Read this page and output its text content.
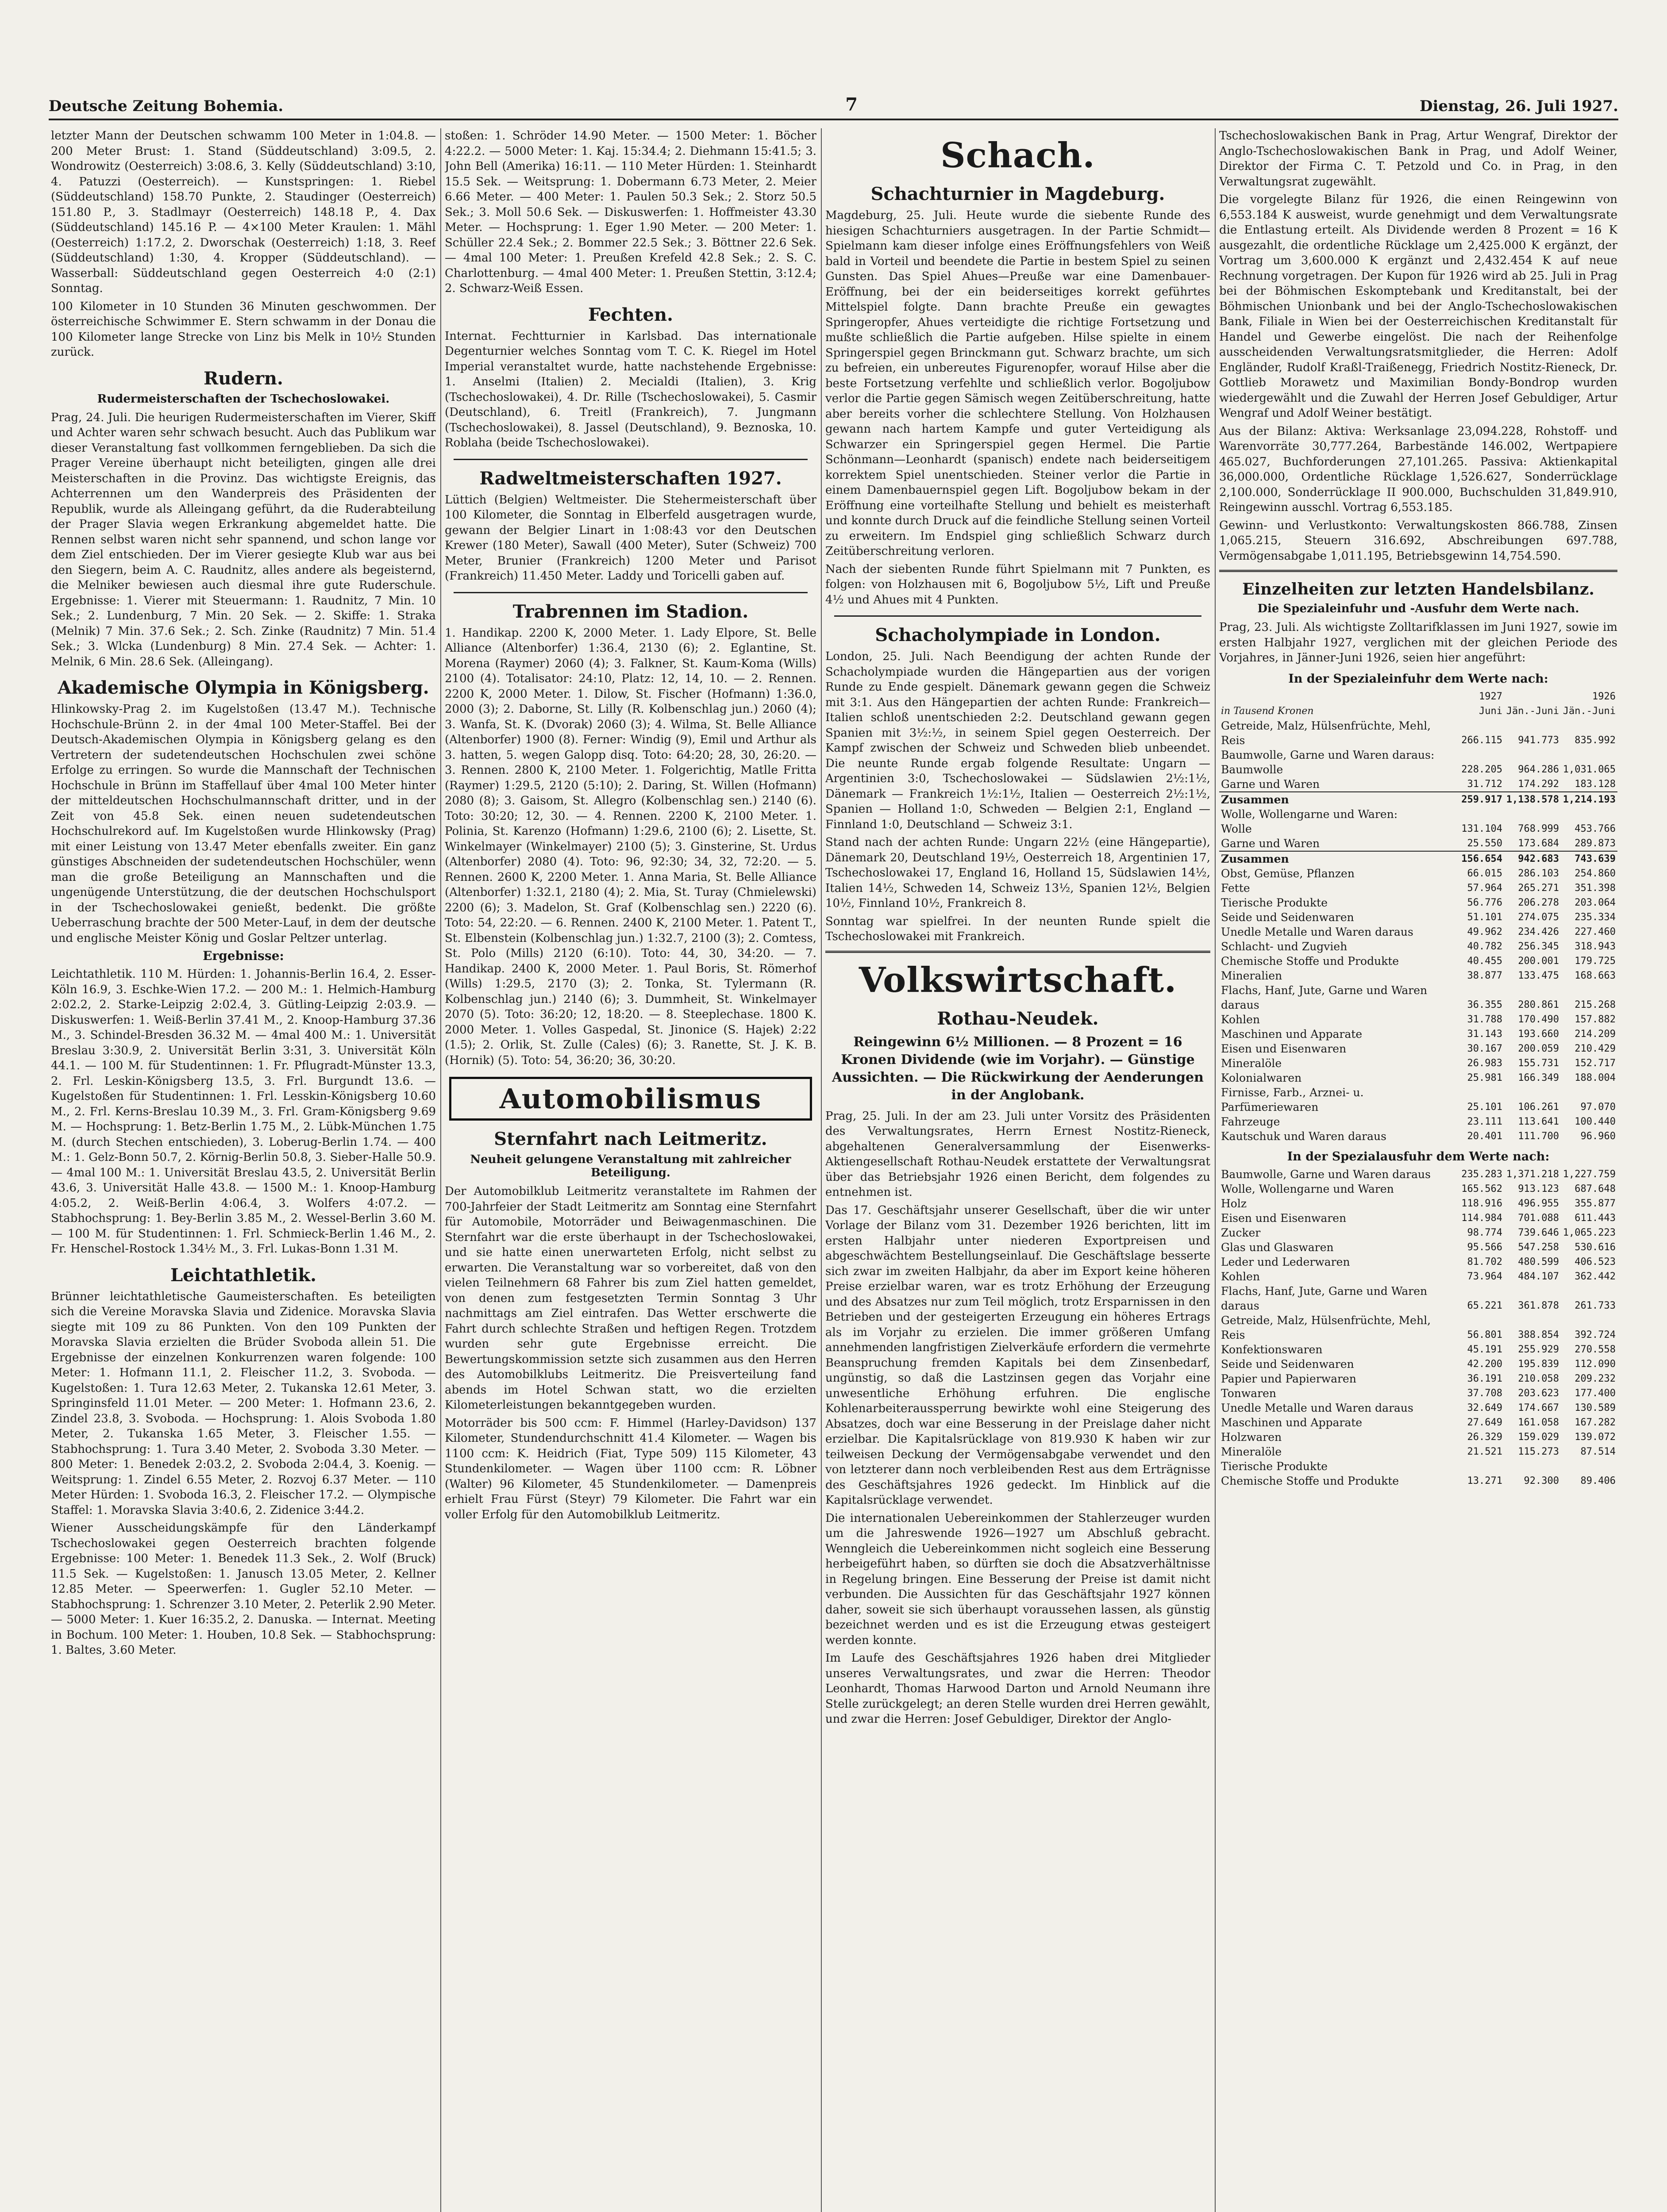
Deutsche Zeitung Bohemia.	7	Dienstag, 26. Juli 1927.

letzter Mann der Deutschen schwamm 100 Meter in 1:04.8. — 200 Meter Brust: 1. Stand (Süddeutschland) 3:09.5, 2. Wondrowitz (Oesterreich) 3:08.6, 3. Kelly (Süddeutschland) 3:10, 4. Patuzzi (Oesterreich). — Kunstspringen: 1. Riebel (Süddeutschland) 158.70 Punkte, 2. Staudinger (Oesterreich) 151.80 P., 3. Stadlmayr (Oesterreich) 148.18 P., 4. Dax (Süddeutschland) 145.16 P. — 4×100 Meter Kraulen: 1. Mähl (Oesterreich) 1:17.2, 2. Dworschak (Oesterreich) 1:18, 3. Reef (Süddeutschland) 1:30, 4. Kropper (Süddeutschland). — Wasserball: Süddeutschland gegen Oesterreich 4:0 (2:1) Sonntag.

100 Kilometer in 10 Stunden 36 Minuten geschwommen. Der österreichische Schwimmer E. Stern schwamm in der Donau die 100 Kilometer lange Strecke von Linz bis Melk in 10½ Stunden zurück.

Rudern.
Rudermeisterschaften der Tschechoslowakei.

Prag, 24. Juli. Die heurigen Rudermeisterschaften im Vierer, Skiff und Achter waren sehr schwach besucht. Auch das Publikum war dieser Veranstaltung fast vollkommen ferngeblieben. Da sich die Prager Vereine überhaupt nicht beteiligten, gingen alle drei Meisterschaften in die Provinz. Das wichtigste Ereignis, das Achterrennen um den Wanderpreis des Präsidenten der Republik, wurde als Alleingang geführt, da die Ruderabteilung der Prager Slavia wegen Erkrankung abgemeldet hatte. Die Rennen selbst waren nicht sehr spannend, und schon lange vor dem Ziel entschieden. Der im Vierer gesiegte Klub war aus bei den Siegern, beim A. C. Raudnitz, alles andere als begeisternd, die Melniker bewiesen auch diesmal ihre gute Ruderschule. Ergebnisse: 1. Vierer mit Steuermann: 1. Raudnitz, 7 Min. 10 Sek.; 2. Lundenburg, 7 Min. 20 Sek. — 2. Skiffe: 1. Straka (Melnik) 7 Min. 37.6 Sek.; 2. Sch. Zinke (Raudnitz) 7 Min. 51.4 Sek.; 3. Wlcka (Lundenburg) 8 Min. 27.4 Sek. — Achter: 1. Melnik, 6 Min. 28.6 Sek. (Alleingang).

Akademische Olympia in Königsberg.

Hlinkowsky-Prag 2. im Kugelstoßen (13.47 M.). Technische Hochschule-Brünn 2. in der 4mal 100 Meter-Staffel. Bei der Deutsch-Akademischen Olympia in Königsberg gelang es den Vertretern der sudetendeutschen Hochschulen zwei schöne Erfolge zu erringen. So wurde die Mannschaft der Technischen Hochschule in Brünn im Staffellauf über 4mal 100 Meter hinter der mitteldeutschen Hochschulmannschaft dritter, und in der Zeit von 45.8 Sek. einen neuen sudetendeutschen Hochschulrekord auf. Im Kugelstoßen wurde Hlinkowsky (Prag) mit einer Leistung von 13.47 Meter ebenfalls zweiter. Ein ganz günstiges Abschneiden der sudetendeutschen Hochschüler, wenn man die große Beteiligung an Mannschaften und die ungenügende Unterstützung, die der deutschen Hochschulsport in der Tschechoslowakei genießt, bedenkt. Die größte Ueberraschung brachte der 500 Meter-Lauf, in dem der deutsche und englische Meister König und Goslar Peltzer unterlag.

Ergebnisse:

Leichtathletik. 110 M. Hürden: 1. Johannis-Berlin 16.4, 2. Esser-Köln 16.9, 3. Eschke-Wien 17.2. — 200 M.: 1. Helmich-Hamburg 2:02.2, 2. Starke-Leipzig 2:02.4, 3. Gütling-Leipzig 2:03.9. — Diskuswerfen: 1. Weiß-Berlin 37.41 M., 2. Knoop-Hamburg 37.36 M., 3. Schindel-Bresden 36.32 M. — 4mal 400 M.: 1. Universität Breslau 3:30.9, 2. Universität Berlin 3:31, 3. Universität Köln 44.1. — 100 M. für Studentinnen: 1. Fr. Pflugradt-Münster 13.3, 2. Frl. Leskin-Königsberg 13.5, 3. Frl. Burgundt 13.6. — Kugelstoßen für Studentinnen: 1. Frl. Lesskin-Königsberg 10.60 M., 2. Frl. Kerns-Breslau 10.39 M., 3. Frl. Gram-Königsberg 9.69 M. — Hochsprung: 1. Betz-Berlin 1.75 M., 2. Lübk-München 1.75 M. (durch Stechen entschieden), 3. Loberug-Berlin 1.74. — 400 M.: 1. Gelz-Bonn 50.7, 2. Körnig-Berlin 50.8, 3. Sieber-Halle 50.9. — 4mal 100 M.: 1. Universität Breslau 43.5, 2. Universität Berlin 43.6, 3. Universität Halle 43.8. — 1500 M.: 1. Knoop-Hamburg 4:05.2, 2. Weiß-Berlin 4:06.4, 3. Wolfers 4:07.2. — Stabhochsprung: 1. Bey-Berlin 3.85 M., 2. Wessel-Berlin 3.60 M. — 100 M. für Studentinnen: 1. Frl. Schmieck-Berlin 1.46 M., 2. Fr. Henschel-Rostock 1.34½ M., 3. Frl. Lukas-Bonn 1.31 M.

Leichtathletik.

Brünner leichtathletische Gaumeisterschaften. Es beteiligten sich die Vereine Moravska Slavia und Zidenice. Moravska Slavia siegte mit 109 zu 86 Punkten. Von den 109 Punkten der Moravska Slavia erzielten die Brüder Svoboda allein 51. Die Ergebnisse der einzelnen Konkurrenzen waren folgende: 100 Meter: 1. Hofmann 11.1, 2. Fleischer 11.2, 3. Svoboda. — Kugelstoßen: 1. Tura 12.63 Meter, 2. Tukanska 12.61 Meter, 3. Springinsfeld 11.01 Meter. — 200 Meter: 1. Hofmann 23.6, 2. Zindel 23.8, 3. Svoboda. — Hochsprung: 1. Alois Svoboda 1.80 Meter, 2. Tukanska 1.65 Meter, 3. Fleischer 1.55. — Stabhochsprung: 1. Tura 3.40 Meter, 2. Svoboda 3.30 Meter. — 800 Meter: 1. Benedek 2:03.2, 2. Svoboda 2:04.4, 3. Koenig. — Weitsprung: 1. Zindel 6.55 Meter, 2. Rozvoj 6.37 Meter. — 110 Meter Hürden: 1. Svoboda 16.3, 2. Fleischer 17.2. — Olympische Staffel: 1. Moravska Slavia 3:40.6, 2. Zidenice 3:44.2.

Wiener Ausscheidungskämpfe für den Länderkampf Tschechoslowakei gegen Oesterreich brachten folgende Ergebnisse: 100 Meter: 1. Benedek 11.3 Sek., 2. Wolf (Bruck) 11.5 Sek. — Kugelstoßen: 1. Janusch 13.05 Meter, 2. Kellner 12.85 Meter. — Speerwerfen: 1. Gugler 52.10 Meter. — Stabhochsprung: 1. Schrenzer 3.10 Meter, 2. Peterlik 2.90 Meter. — 5000 Meter: 1. Kuer 16:35.2, 2. Danuska. — Internat. Meeting in Bochum. 100 Meter: 1. Houben, 10.8 Sek. — Stabhochsprung: 1. Baltes, 3.60 Meter.

stoßen: 1. Schröder 14.90 Meter. — 1500 Meter: 1. Böcher 4:22.2. — 5000 Meter: 1. Kaj. 15:34.4; 2. Diehmann 15:41.5; 3. John Bell (Amerika) 16:11. — 110 Meter Hürden: 1. Steinhardt 15.5 Sek. — Weitsprung: 1. Dobermann 6.73 Meter, 2. Meier 6.66 Meter. — 400 Meter: 1. Paulen 50.3 Sek.; 2. Storz 50.5 Sek.; 3. Moll 50.6 Sek. — Diskuswerfen: 1. Hoffmeister 43.30 Meter. — Hochsprung: 1. Eger 1.90 Meter. — 200 Meter: 1. Schüller 22.4 Sek.; 2. Bommer 22.5 Sek.; 3. Böttner 22.6 Sek. — 4mal 100 Meter: 1. Preußen Krefeld 42.8 Sek.; 2. S. C. Charlottenburg. — 4mal 400 Meter: 1. Preußen Stettin, 3:12.4; 2. Schwarz-Weiß Essen.

Fechten.

Internat. Fechtturnier in Karlsbad. Das internationale Degenturnier welches Sonntag vom T. C. K. Riegel im Hotel Imperial veranstaltet wurde, hatte nachstehende Ergebnisse: 1. Anselmi (Italien) 2. Mecialdi (Italien), 3. Krig (Tschechoslowakei), 4. Dr. Rille (Tschechoslowakei), 5. Casmir (Deutschland), 6. Treitl (Frankreich), 7. Jungmann (Tschechoslowakei), 8. Jassel (Deutschland), 9. Beznoska, 10. Roblaha (beide Tschechoslowakei).

Radweltmeisterschaften 1927.

Lüttich (Belgien) Weltmeister. Die Stehermeisterschaft über 100 Kilometer, die Sonntag in Elberfeld ausgetragen wurde, gewann der Belgier Linart in 1:08:43 vor den Deutschen Krewer (180 Meter), Sawall (400 Meter), Suter (Schweiz) 700 Meter, Brunier (Frankreich) 1200 Meter und Parisot (Frankreich) 11.450 Meter. Laddy und Toricelli gaben auf.

Trabrennen im Stadion.

1. Handikap. 2200 K, 2000 Meter. 1. Lady Elpore, St. Belle Alliance (Altenborfer) 1:36.4, 2130 (6); 2. Eglantine, St. Morena (Raymer) 2060 (4); 3. Falkner, St. Kaum-Koma (Wills) 2100 (4). Totalisator: 24:10, Platz: 12, 14, 10. — 2. Rennen. 2200 K, 2000 Meter. 1. Dilow, St. Fischer (Hofmann) 1:36.0, 2000 (3); 2. Daborne, St. Lilly (R. Kolbenschlag jun.) 2060 (4); 3. Wanfa, St. K. (Dvorak) 2060 (3); 4. Wilma, St. Belle Alliance (Altenborfer) 1900 (8). Ferner: Windig (9), Emil und Arthur als 3. hatten, 5. wegen Galopp disq. Toto: 64:20; 28, 30, 26:20. — 3. Rennen. 2800 K, 2100 Meter. 1. Folgerichtig, Matlle Fritta (Raymer) 1:29.5, 2120 (5:10); 2. Daring, St. Willen (Hofmann) 2080 (8); 3. Gaisom, St. Allegro (Kolbenschlag sen.) 2140 (6). Toto: 30:20; 12, 30. — 4. Rennen. 2200 K, 2100 Meter. 1. Polinia, St. Karenzo (Hofmann) 1:29.6, 2100 (6); 2. Lisette, St. Winkelmayer (Winkelmayer) 2100 (5); 3. Ginsterine, St. Urdus (Altenborfer) 2080 (4). Toto: 96, 92:30; 34, 32, 72:20. — 5. Rennen. 2600 K, 2200 Meter. 1. Anna Maria, St. Belle Alliance (Altenborfer) 1:32.1, 2180 (4); 2. Mia, St. Turay (Chmielewski) 2200 (6); 3. Madelon, St. Graf (Kolbenschlag sen.) 2220 (6). Toto: 54, 22:20. — 6. Rennen. 2400 K, 2100 Meter. 1. Patent T., St. Elbenstein (Kolbenschlag jun.) 1:32.7, 2100 (3); 2. Comtess, St. Polo (Mills) 2120 (6:10). Toto: 44, 30, 34:20. — 7. Handikap. 2400 K, 2000 Meter. 1. Paul Boris, St. Römerhof (Wills) 1:29.5, 2170 (3); 2. Tonka, St. Tylermann (R. Kolbenschlag jun.) 2140 (6); 3. Dummheit, St. Winkelmayer 2070 (5). Toto: 36:20; 12, 18:20. — 8. Steeplechase. 1800 K. 2000 Meter. 1. Volles Gaspedal, St. Jinonice (S. Hajek) 2:22 (1.5); 2. Orlik, St. Zulle (Cales) (6); 3. Ranette, St. J. K. B. (Hornik) (5). Toto: 54, 36:20; 36, 30:20.

Automobilismus
Sternfahrt nach Leitmeritz.
Neuheit gelungene Veranstaltung mit zahlreicher Beteiligung.

Der Automobilklub Leitmeritz veranstaltete im Rahmen der 700-Jahrfeier der Stadt Leitmeritz am Sonntag eine Sternfahrt für Automobile, Motorräder und Beiwagenmaschinen. Die Sternfahrt war die erste überhaupt in der Tschechoslowakei, und sie hatte einen unerwarteten Erfolg, nicht selbst zu erwarten. Die Veranstaltung war so vorbereitet, daß von den vielen Teilnehmern 68 Fahrer bis zum Ziel hatten gemeldet, von denen zum festgesetzten Termin Sonntag 3 Uhr nachmittags am Ziel eintrafen. Das Wetter erschwerte die Fahrt durch schlechte Straßen und heftigen Regen. Trotzdem wurden sehr gute Ergebnisse erreicht. Die Bewertungskommission setzte sich zusammen aus den Herren des Automobilklubs Leitmeritz. Die Preisverteilung fand abends im Hotel Schwan statt, wo die erzielten Kilometerleistungen bekanntgegeben wurden.

Motorräder bis 500 ccm: F. Himmel (Harley-Davidson) 137 Kilometer, Stundendurchschnitt 41.4 Kilometer. — Wagen bis 1100 ccm: K. Heidrich (Fiat, Type 509) 115 Kilometer, 43 Stundenkilometer. — Wagen über 1100 ccm: R. Löbner (Walter) 96 Kilometer, 45 Stundenkilometer. — Damenpreis erhielt Frau Fürst (Steyr) 79 Kilometer. Die Fahrt war ein voller Erfolg für den Automobilklub Leitmeritz.

Schach.
Schachturnier in Magdeburg.

Magdeburg, 25. Juli. Heute wurde die siebente Runde des hiesigen Schachturniers ausgetragen. In der Partie Schmidt—Spielmann kam dieser infolge eines Eröffnungsfehlers von Weiß bald in Vorteil und beendete die Partie in bestem Spiel zu seinen Gunsten. Das Spiel Ahues—Preuße war eine Damenbauer-Eröffnung, bei der ein beiderseitiges korrekt geführtes Mittelspiel folgte. Dann brachte Preuße ein gewagtes Springeropfer, Ahues verteidigte die richtige Fortsetzung und mußte schließlich die Partie aufgeben. Hilse spielte in einem Springerspiel gegen Brinckmann gut. Schwarz brachte, um sich zu befreien, ein unbereutes Figurenopfer, worauf Hilse aber die beste Fortsetzung verfehlte und schließlich verlor. Bogoljubow verlor die Partie gegen Sämisch wegen Zeitüberschreitung, hatte aber bereits vorher die schlechtere Stellung. Von Holzhausen gewann nach hartem Kampfe und guter Verteidigung als Schwarzer ein Springerspiel gegen Hermel. Die Partie Schönmann—Leonhardt (spanisch) endete nach beiderseitigem korrektem Spiel unentschieden. Steiner verlor die Partie in einem Damenbauernspiel gegen Lift. Bogoljubow bekam in der Eröffnung eine vorteilhafte Stellung und behielt es meisterhaft und konnte durch Druck auf die feindliche Stellung seinen Vorteil zu erweitern. Im Endspiel ging schließlich Schwarz durch Zeitüberschreitung verloren.

Nach der siebenten Runde führt Spielmann mit 7 Punkten, es folgen: von Holzhausen mit 6, Bogoljubow 5½, Lift und Preuße 4½ und Ahues mit 4 Punkten.

Schacholympiade in London.

London, 25. Juli. Nach Beendigung der achten Runde der Schacholympiade wurden die Hängepartien aus der vorigen Runde zu Ende gespielt. Dänemark gewann gegen die Schweiz mit 3:1. Aus den Hängepartien der achten Runde: Frankreich—Italien schloß unentschieden 2:2. Deutschland gewann gegen Spanien mit 3½:½, in seinem Spiel gegen Oesterreich. Der Kampf zwischen der Schweiz und Schweden blieb unbeendet. Die neunte Runde ergab folgende Resultate: Ungarn — Argentinien 3:0, Tschechoslowakei — Südslawien 2½:1½, Dänemark — Frankreich 1½:1½, Italien — Oesterreich 2½:1½, Spanien — Holland 1:0, Schweden — Belgien 2:1, England — Finnland 1:0, Deutschland — Schweiz 3:1.

Stand nach der achten Runde: Ungarn 22½ (eine Hängepartie), Dänemark 20, Deutschland 19½, Oesterreich 18, Argentinien 17, Tschechoslowakei 17, England 16, Holland 15, Südslawien 14½, Italien 14½, Schweden 14, Schweiz 13½, Spanien 12½, Belgien 10½, Finnland 10½, Frankreich 8.

Sonntag war spielfrei. In der neunten Runde spielt die Tschechoslowakei mit Frankreich.

Volkswirtschaft.
Rothau-Neudek.
Reingewinn 6½ Millionen. — 8 Prozent = 16 Kronen Dividende (wie im Vorjahr). — Günstige Aussichten. — Die Rückwirkung der Aenderungen in der Anglobank.

Prag, 25. Juli. In der am 23. Juli unter Vorsitz des Präsidenten des Verwaltungsrates, Herrn Ernest Nostitz-Rieneck, abgehaltenen Generalversammlung der Eisenwerks-Aktiengesellschaft Rothau-Neudek erstattete der Verwaltungsrat über das Betriebsjahr 1926 einen Bericht, dem folgendes zu entnehmen ist.

Das 17. Geschäftsjahr unserer Gesellschaft, über die wir unter Vorlage der Bilanz vom 31. Dezember 1926 berichten, litt im ersten Halbjahr unter niederen Exportpreisen und abgeschwächtem Bestellungseinlauf. Die Geschäftslage besserte sich zwar im zweiten Halbjahr, da aber im Export keine höheren Preise erzielbar waren, war es trotz Erhöhung der Erzeugung und des Absatzes nur zum Teil möglich, trotz Ersparnissen in den Betrieben und der gesteigerten Erzeugung ein höheres Ertrags als im Vorjahr zu erzielen. Die immer größeren Umfang annehmenden langfristigen Zielverkäufe erfordern die vermehrte Beanspruchung fremden Kapitals bei dem Zinsenbedarf, ungünstig, so daß die Lastzinsen gegen das Vorjahr eine unwesentliche Erhöhung erfuhren. Die englische Kohlenarbeiteraussperrung bewirkte wohl eine Steigerung des Absatzes, doch war eine Besserung in der Preislage daher nicht erzielbar. Die Kapitalsrücklage von 819.930 K haben wir zur teilweisen Deckung der Vermögensabgabe verwendet und den von letzterer dann noch verbleibenden Rest aus dem Erträgnisse des Geschäftsjahres 1926 gedeckt. Im Hinblick auf die Kapitalsrücklage verwendet.

Die internationalen Uebereinkommen der Stahlerzeuger wurden um die Jahreswende 1926—1927 um Abschluß gebracht. Wenngleich die Uebereinkommen nicht sogleich eine Besserung herbeigeführt haben, so dürften sie doch die Absatzverhältnisse in Regelung bringen. Eine Besserung der Preise ist damit nicht verbunden. Die Aussichten für das Geschäftsjahr 1927 können daher, soweit sie sich überhaupt voraussehen lassen, als günstig bezeichnet werden und es ist die Erzeugung etwas gesteigert werden konnte.

Im Laufe des Geschäftsjahres 1926 haben drei Mitglieder unseres Verwaltungsrates, und zwar die Herren: Theodor Leonhardt, Thomas Harwood Darton und Arnold Neumann ihre Stelle zurückgelegt; an deren Stelle wurden drei Herren gewählt, und zwar die Herren: Josef Gebuldiger, Direktor der Anglo-

Tschechoslowakischen Bank in Prag, Artur Wengraf, Direktor der Anglo-Tschechoslowakischen Bank in Prag, und Adolf Weiner, Direktor der Firma C. T. Petzold und Co. in Prag, in den Verwaltungsrat zugewählt.

Die vorgelegte Bilanz für 1926, die einen Reingewinn von 6,553.184 K ausweist, wurde genehmigt und dem Verwaltungsrate die Entlastung erteilt. Als Dividende werden 8 Prozent = 16 K ausgezahlt, die ordentliche Rücklage um 2,425.000 K ergänzt, der Vortrag um 3,600.000 K ergänzt und 2,432.454 K auf neue Rechnung vorgetragen. Der Kupon für 1926 wird ab 25. Juli in Prag bei der Böhmischen Eskomptebank und Kreditanstalt, bei der Böhmischen Unionbank und bei der Anglo-Tschechoslowakischen Bank, Filiale in Wien bei der Oesterreichischen Kreditanstalt für Handel und Gewerbe eingelöst. Die nach der Reihenfolge ausscheidenden Verwaltungsratsmitglieder, die Herren: Adolf Engländer, Rudolf Kraßl-Traißenegg, Friedrich Nostitz-Rieneck, Dr. Gottlieb Morawetz und Maximilian Bondy-Bondrop wurden wiedergewählt und die Zuwahl der Herren Josef Gebuldiger, Artur Wengraf und Adolf Weiner bestätigt.

Aus der Bilanz: Aktiva: Werksanlage 23,094.228, Rohstoff- und Warenvorräte 30,777.264, Barbestände 146.002, Wertpapiere 465.027, Buchforderungen 27,101.265. Passiva: Aktienkapital 36,000.000, Ordentliche Rücklage 1,526.627, Sonderrücklage 2,100.000, Sonderrücklage II 900.000, Buchschulden 31,849.910, Reingewinn ausschl. Vortrag 6,553.185.

Gewinn- und Verlustkonto: Verwaltungskosten 866.788, Zinsen 1,065.215, Steuern 316.692, Abschreibungen 697.788, Vermögensabgabe 1,011.195, Betriebsgewinn 14,754.590.

Einzelheiten zur letzten Handelsbilanz.
Die Spezialeinfuhr und -Ausfuhr dem Werte nach.

Prag, 23. Juli. Als wichtigste Zolltarifklassen im Juni 1927, sowie im ersten Halbjahr 1927, verglichen mit der gleichen Periode des Vorjahres, in Jänner-Juni 1926, seien hier angeführt:

In der Spezialeinfuhr dem Werte nach:
	1927		1926
in Tausend Kronen	Juni	Jän.-Juni	Jän.-Juni
Getreide, Malz, Hülsenfrüchte, Mehl, Reis	266.115	941.773	835.992
Baumwolle, Garne und Waren daraus:			
Baumwolle	228.205	964.286	1,031.065
Garne und Waren	31.712	174.292	183.128
Zusammen	259.917	1,138.578	1,214.193
Wolle, Wollengarne und Waren:			
Wolle	131.104	768.999	453.766
Garne und Waren	25.550	173.684	289.873
Zusammen	156.654	942.683	743.639
Obst, Gemüse, Pflanzen	66.015	286.103	254.860
Fette	57.964	265.271	351.398
Tierische Produkte	56.776	206.278	203.064
Seide und Seidenwaren	51.101	274.075	235.334
Unedle Metalle und Waren daraus	49.962	234.426	227.460
Schlacht- und Zugvieh	40.782	256.345	318.943
Chemische Stoffe und Produkte	40.455	200.001	179.725
Mineralien	38.877	133.475	168.663
Flachs, Hanf, Jute, Garne und Waren daraus	36.355	280.861	215.268
Kohlen	31.788	170.490	157.882
Maschinen und Apparate	31.143	193.660	214.209
Eisen und Eisenwaren	30.167	200.059	210.429
Mineralöle	26.983	155.731	152.717
Kolonialwaren	25.981	166.349	188.004
Firnisse, Farb., Arznei- u. Parfümeriewaren	25.101	106.261	97.070
Fahrzeuge	23.111	113.641	100.440
Kautschuk und Waren daraus	20.401	111.700	96.960
In der Spezialausfuhr dem Werte nach:
Baumwolle, Garne und Waren daraus	235.283	1,371.218	1,227.759
Wolle, Wollengarne und Waren	165.562	913.123	687.648
Holz	118.916	496.955	355.877
Eisen und Eisenwaren	114.984	701.088	611.443
Zucker	98.774	739.646	1,065.223
Glas und Glaswaren	95.566	547.258	530.616
Leder und Lederwaren	81.702	480.599	406.523
Kohlen	73.964	484.107	362.442
Flachs, Hanf, Jute, Garne und Waren daraus	65.221	361.878	261.733
Getreide, Malz, Hülsenfrüchte, Mehl, Reis	56.801	388.854	392.724
Konfektionswaren	45.191	255.929	270.558
Seide und Seidenwaren	42.200	195.839	112.090
Papier und Papierwaren	36.191	210.058	209.232
Tonwaren	37.708	203.623	177.400
Unedle Metalle und Waren daraus	32.649	174.667	130.589
Maschinen und Apparate	27.649	161.058	167.282
Holzwaren	26.329	159.029	139.072
Mineralöle	21.521	115.273	87.514
Tierische Produkte			
Chemische Stoffe und Produkte	13.271	92.300	89.406
